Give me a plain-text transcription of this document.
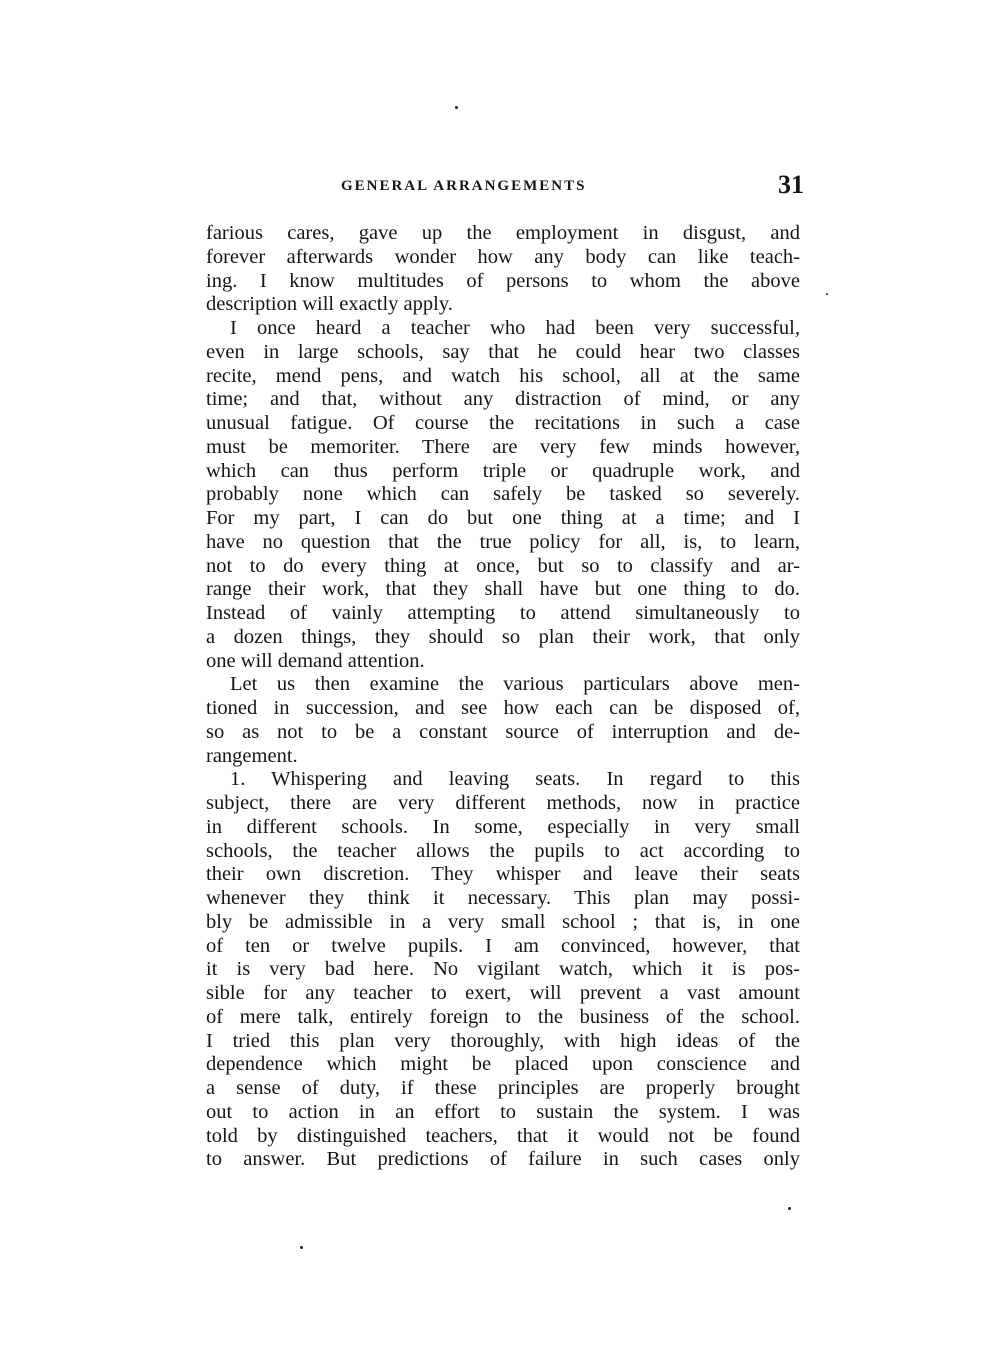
GENERAL ARRANGEMENTS	31
farious cares, gave up the employment in disgust, and
forever afterwards wonder how any body can like teach-
ing. I know multitudes of persons to whom the above
description will exactly apply.
I once heard a teacher who had been very successful,
even in large schools, say that he could hear two classes
recite, mend pens, and watch his school, all at the same
time; and that, without any distraction of mind, or any
unusual fatigue. Of course the recitations in such a case
must be memoriter. There are very few minds however,
which can thus perform triple or quadruple work, and
probably none which can safely be tasked so severely.
For my part, I can do but one thing at a time; and I
have no question that the true policy for all, is, to learn,
not to do every thing at once, but so to classify and ar-
range their work, that they shall have but one thing to do.
Instead of vainly attempting to attend simultaneously to
a dozen things, they should so plan their work, that only
one will demand attention.
Let us then examine the various particulars above men-
tioned in succession, and see how each can be disposed of,
so as not to be a constant source of interruption and de-
rangement.
1. Whispering and leaving seats. In regard to this
subject, there are very different methods, now in practice
in different schools. In some, especially in very small
schools, the teacher allows the pupils to act according to
their own discretion. They whisper and leave their seats
whenever they think it necessary. This plan may possi-
bly be admissible in a very small school ; that is, in one
of ten or twelve pupils. I am convinced, however, that
it is very bad here. No vigilant watch, which it is pos-
sible for any teacher to exert, will prevent a vast amount
of mere talk, entirely foreign to the business of the school.
I tried this plan very thoroughly, with high ideas of the
dependence which might be placed upon conscience and
a sense of duty, if these principles are properly brought
out to action in an effort to sustain the system. I was
told by distinguished teachers, that it would not be found
to answer. But predictions of failure in such cases only
